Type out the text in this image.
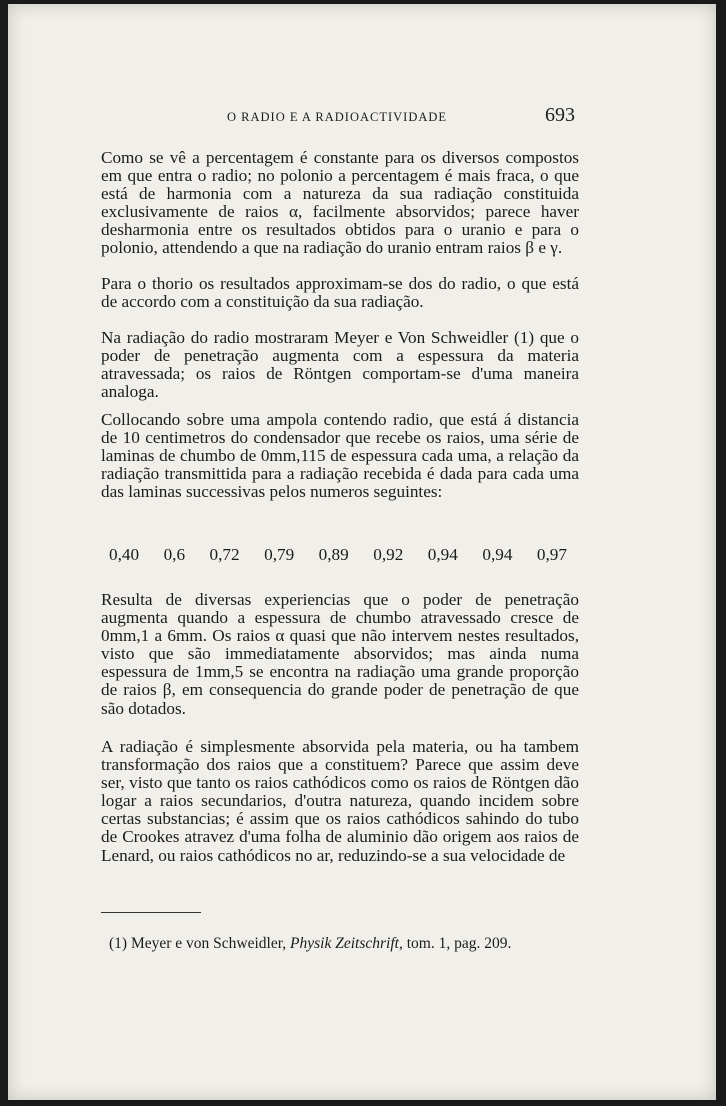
O RADIO E A RADIOACTIVIDADE	693

Como se vê a percentagem é constante para os diversos compostos em que entra o radio; no polonio a percentagem é mais fraca, o que está de harmonia com a natureza da sua radiação constituida exclusivamente de raios α, facilmente absorvidos; parece haver desharmonia entre os resultados obtidos para o uranio e para o polonio, attendendo a que na radiação do uranio entram raios β e γ.

Para o thorio os resultados approximam-se dos do radio, o que está de accordo com a constituição da sua radiação.

Na radiação do radio mostraram Meyer e Von Schweidler (1) que o poder de penetração augmenta com a espessura da materia atravessada; os raios de Röntgen comportam-se d'uma maneira analoga.

Collocando sobre uma ampola contendo radio, que está á distancia de 10 centimetros do condensador que recebe os raios, uma série de laminas de chumbo de 0mm,115 de espessura cada uma, a relação da radiação transmittida para a radiação recebida é dada para cada uma das laminas successivas pelos numeros seguintes:

0,40 0,6 0,72 0,79 0,89 0,92 0,94 0,94 0,97

Resulta de diversas experiencias que o poder de penetração augmenta quando a espessura de chumbo atravessado cresce de 0mm,1 a 6mm. Os raios α quasi que não intervem nestes resultados, visto que são immediatamente absorvidos; mas ainda numa espessura de 1mm,5 se encontra na radiação uma grande proporção de raios β, em consequencia do grande poder de penetração de que são dotados.

A radiação é simplesmente absorvida pela materia, ou ha tambem transformação dos raios que a constituem? Parece que assim deve ser, visto que tanto os raios cathódicos como os raios de Röntgen dão logar a raios secundarios, d'outra natureza, quando incidem sobre certas substancias; é assim que os raios cathódicos sahindo do tubo de Crookes atravez d'uma folha de aluminio dão origem aos raios de Lenard, ou raios cathódicos no ar, reduzindo-se a sua velocidade de

(1) Meyer e von Schweidler, Physik Zeitschrift, tom. 1, pag. 209.
